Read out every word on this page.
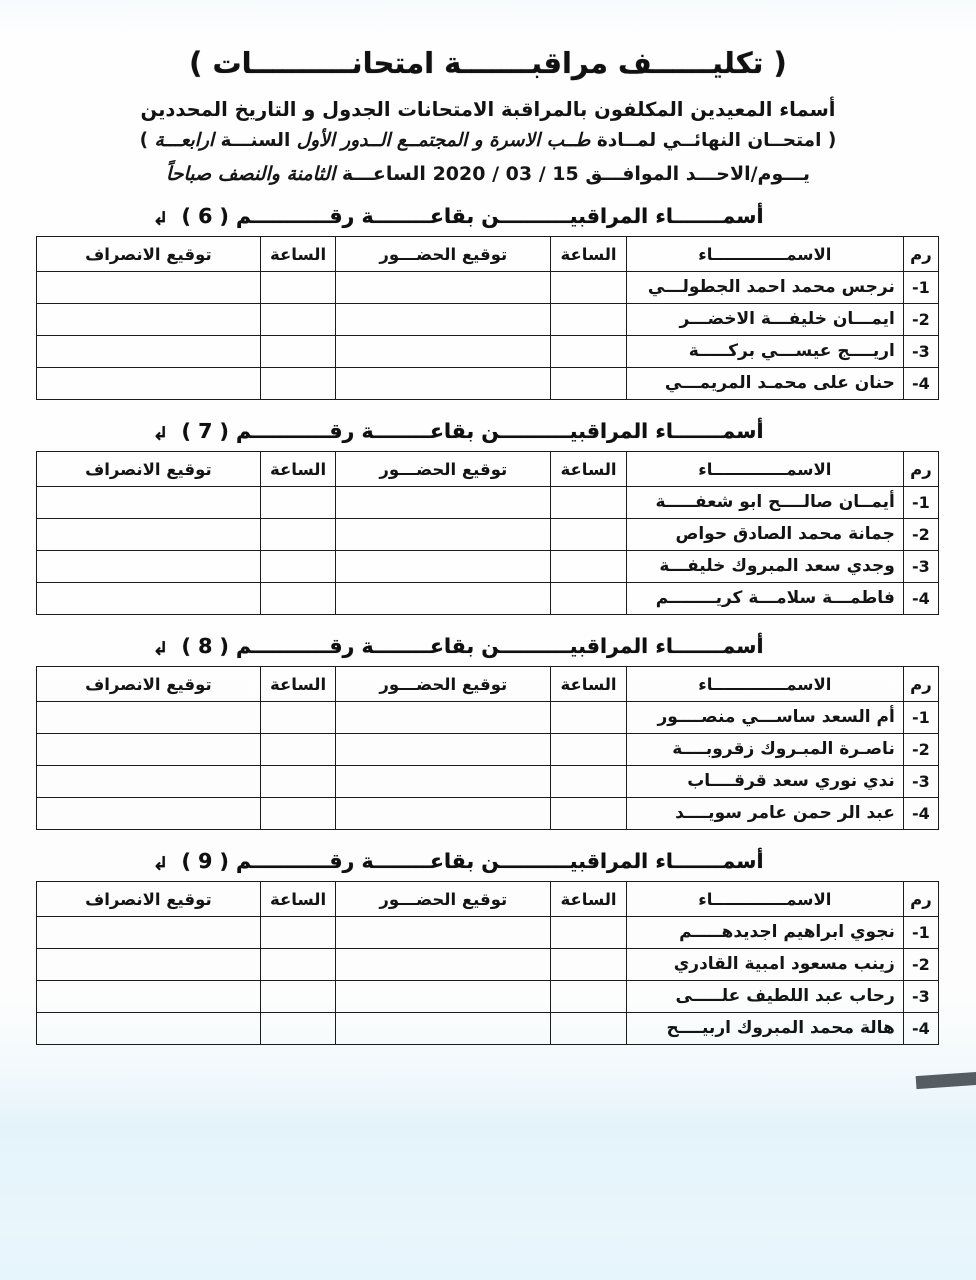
( تكليــــــف مراقبـــــــة امتحانــــــــــات )
أسماء المعيدين المكلفون بالمراقبة الامتحانات الجدول و التاريخ المحددين
( امتحــان النهائــي لمــادة طــب الاسرة و المجتمــع الــدور الأول السنـــة ارابعـــة )
يـــوم/الاحـــد الموافـــق 15 / 03 / 2020 الساعـــة الثامنة والنصف صباحاً
أسمـــــــاء المراقبيــــــــــن بقاعــــــــة رقـــــــــــم ( 6 ) ↲
رم	الاسمـــــــــــــاء	الساعة	توقيع الحضـــور	الساعة	توقيع الانصراف
-1	نرجس محمد احمد الجطولـــي				
-2	ايمـــان خليفـــة الاخضـــر				
-3	اريــــج عيســـي بركـــــة				
-4	حنان على محمـد المريمـــي				
أسمـــــــاء المراقبيــــــــــن بقاعــــــــة رقـــــــــــم ( 7 ) ↲
رم	الاسمـــــــــــــاء	الساعة	توقيع الحضـــور	الساعة	توقيع الانصراف
-1	أيمــان صالــــح ابو شعفـــــة				
-2	جمانة محمد الصادق حواص				
-3	وجدي سعد المبروك خليفـــة				
-4	فاطمـــة سلامـــة كريــــــــم				
أسمـــــــاء المراقبيــــــــــن بقاعــــــــة رقـــــــــــم ( 8 ) ↲
رم	الاسمـــــــــــــاء	الساعة	توقيع الحضـــور	الساعة	توقيع الانصراف
-1	أم السعد ساســـي منصــــور				
-2	ناصـرة المبـروك زقروبــــة				
-3	ندي نوري سعد قرقــــاب				
-4	عبد الر حمن عامر سويــــد				
أسمـــــــاء المراقبيــــــــــن بقاعــــــــة رقـــــــــــم ( 9 ) ↲
رم	الاسمـــــــــــــاء	الساعة	توقيع الحضـــور	الساعة	توقيع الانصراف
-1	نجوي ابراهيم اجديدهـــــم				
-2	زينب مسعود امبية القادري				
-3	رحاب عبد اللطيف علـــــى				
-4	هالة محمد المبروك اربيــــح				
